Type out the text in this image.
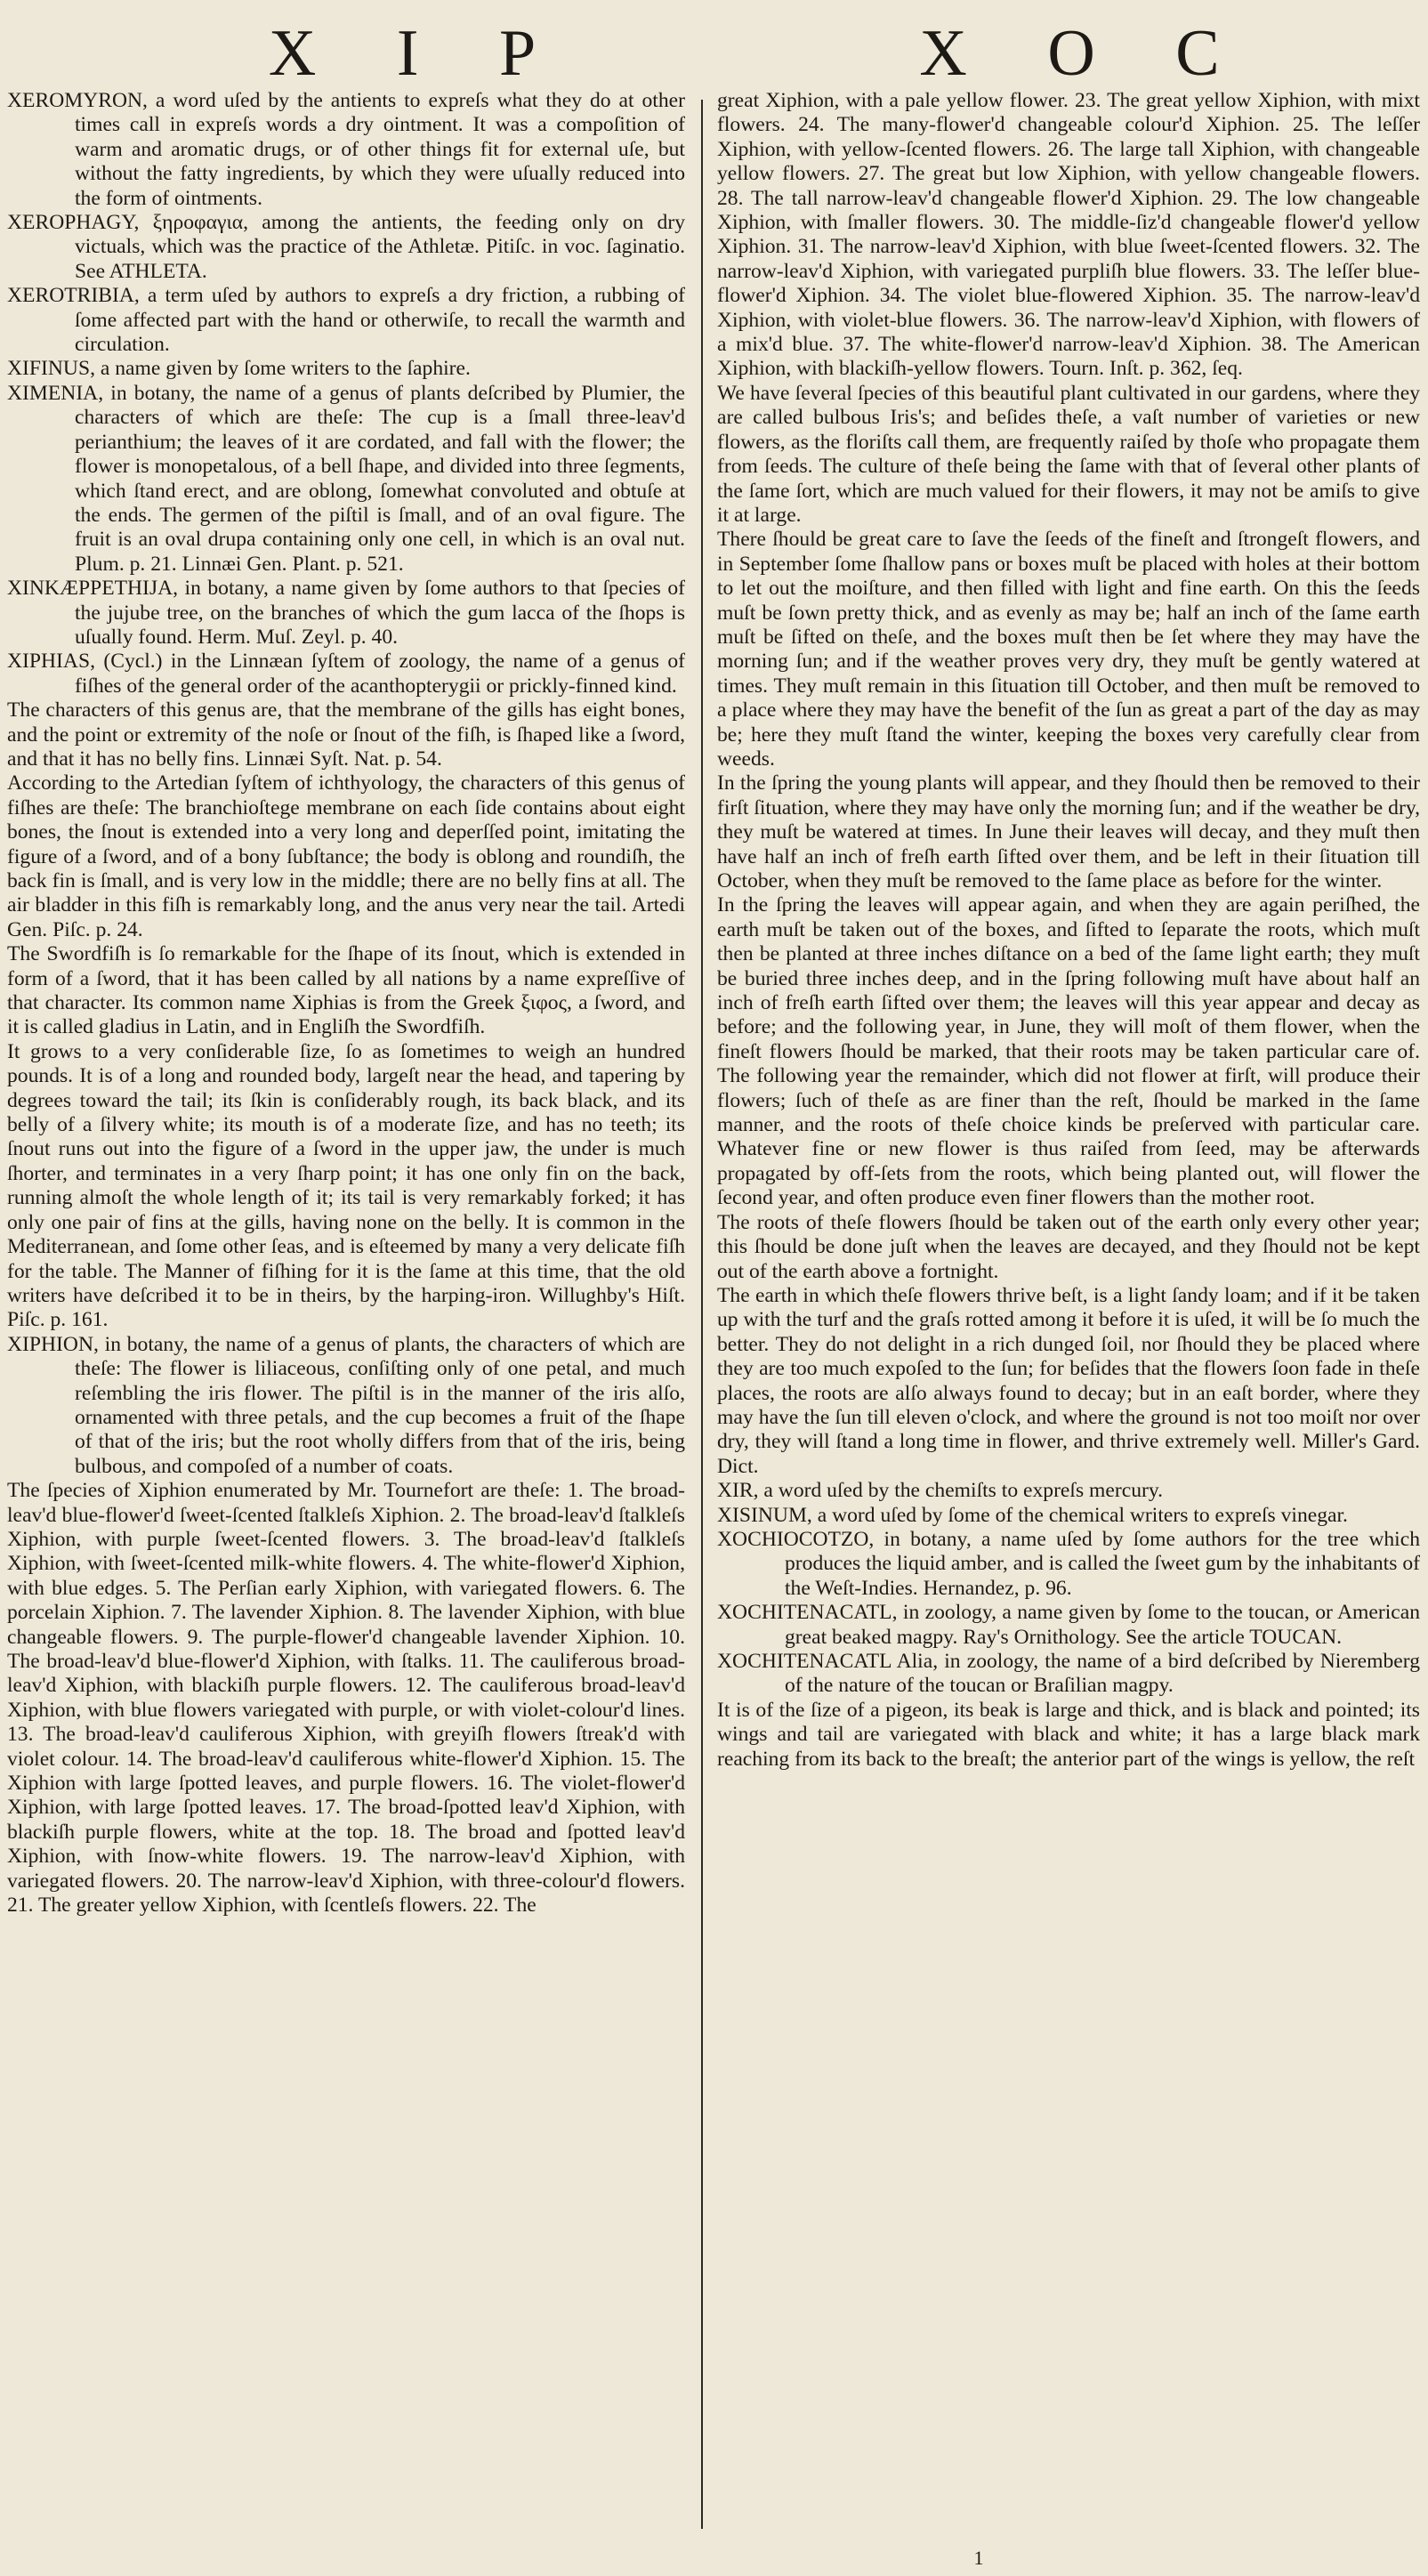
X I P	X O C

XEROMYRON, a word uſed by the antients to expreſs what they do at other times call in expreſs words a dry ointment. It was a compoſition of warm and aromatic drugs, or of other things fit for external uſe, but without the fatty ingredients, by which they were uſually reduced into the form of ointments.

XEROPHAGY, ξηροφαγια, among the antients, the feeding only on dry victuals, which was the practice of the Athletæ. Pitiſc. in voc. ſaginatio. See ATHLETA.

XEROTRIBIA, a term uſed by authors to expreſs a dry friction, a rubbing of ſome affected part with the hand or otherwiſe, to recall the warmth and circulation.

XIFINUS, a name given by ſome writers to the ſaphire.

XIMENIA, in botany, the name of a genus of plants deſcribed by Plumier, the characters of which are theſe: The cup is a ſmall three-leav'd perianthium; the leaves of it are cordated, and fall with the flower; the flower is monopetalous, of a bell ſhape, and divided into three ſegments, which ſtand erect, and are oblong, ſomewhat convoluted and obtuſe at the ends. The germen of the piſtil is ſmall, and of an oval figure. The fruit is an oval drupa containing only one cell, in which is an oval nut. Plum. p. 21. Linnæi Gen. Plant. p. 521.

XINKÆPPETHIJA, in botany, a name given by ſome authors to that ſpecies of the jujube tree, on the branches of which the gum lacca of the ſhops is uſually found. Herm. Muſ. Zeyl. p. 40.

XIPHIAS, (Cycl.) in the Linnæan ſyſtem of zoology, the name of a genus of fiſhes of the general order of the acanthopterygii or prickly-finned kind.

The characters of this genus are, that the membrane of the gills has eight bones, and the point or extremity of the noſe or ſnout of the fiſh, is ſhaped like a ſword, and that it has no belly fins. Linnæi Syſt. Nat. p. 54.

According to the Artedian ſyſtem of ichthyology, the characters of this genus of fiſhes are theſe: The branchioſtege membrane on each ſide contains about eight bones, the ſnout is extended into a very long and deperſſed point, imitating the figure of a ſword, and of a bony ſubſtance; the body is oblong and roundiſh, the back fin is ſmall, and is very low in the middle; there are no belly fins at all. The air bladder in this fiſh is remarkably long, and the anus very near the tail. Artedi Gen. Piſc. p. 24.

The Swordfiſh is ſo remarkable for the ſhape of its ſnout, which is extended in form of a ſword, that it has been called by all nations by a name expreſſive of that character. Its common name Xiphias is from the Greek ξιφος, a ſword, and it is called gladius in Latin, and in Engliſh the Swordfiſh.

It grows to a very conſiderable ſize, ſo as ſometimes to weigh an hundred pounds. It is of a long and rounded body, largeſt near the head, and tapering by degrees toward the tail; its ſkin is conſiderably rough, its back black, and its belly of a ſilvery white; its mouth is of a moderate ſize, and has no teeth; its ſnout runs out into the figure of a ſword in the upper jaw, the under is much ſhorter, and terminates in a very ſharp point; it has one only fin on the back, running almoſt the whole length of it; its tail is very remarkably forked; it has only one pair of fins at the gills, having none on the belly. It is common in the Mediterranean, and ſome other ſeas, and is eſteemed by many a very delicate fiſh for the table. The Manner of fiſhing for it is the ſame at this time, that the old writers have deſcribed it to be in theirs, by the harping-iron. Willughby's Hiſt. Piſc. p. 161.

XIPHION, in botany, the name of a genus of plants, the characters of which are theſe: The flower is liliaceous, conſiſting only of one petal, and much reſembling the iris flower. The piſtil is in the manner of the iris alſo, ornamented with three petals, and the cup becomes a fruit of the ſhape of that of the iris; but the root wholly differs from that of the iris, being bulbous, and compoſed of a number of coats.

The ſpecies of Xiphion enumerated by Mr. Tournefort are theſe: 1. The broad-leav'd blue-flower'd ſweet-ſcented ſtalkleſs Xiphion. 2. The broad-leav'd ſtalkleſs Xiphion, with purple ſweet-ſcented flowers. 3. The broad-leav'd ſtalkleſs Xiphion, with ſweet-ſcented milk-white flowers. 4. The white-flower'd Xiphion, with blue edges. 5. The Perſian early Xiphion, with variegated flowers. 6. The porcelain Xiphion. 7. The lavender Xiphion. 8. The lavender Xiphion, with blue changeable flowers. 9. The purple-flower'd changeable lavender Xiphion. 10. The broad-leav'd blue-flower'd Xiphion, with ſtalks. 11. The cauliferous broad-leav'd Xiphion, with blackiſh purple flowers. 12. The cauliferous broad-leav'd Xiphion, with blue flowers variegated with purple, or with violet-colour'd lines. 13. The broad-leav'd cauliferous Xiphion, with greyiſh flowers ſtreak'd with violet colour. 14. The broad-leav'd cauliferous white-flower'd Xiphion. 15. The Xiphion with large ſpotted leaves, and purple flowers. 16. The violet-flower'd Xiphion, with large ſpotted leaves. 17. The broad-ſpotted leav'd Xiphion, with blackiſh purple flowers, white at the top. 18. The broad and ſpotted leav'd Xiphion, with ſnow-white flowers. 19. The narrow-leav'd Xiphion, with variegated flowers. 20. The narrow-leav'd Xiphion, with three-colour'd flowers. 21. The greater yellow Xiphion, with ſcentleſs flowers. 22. The

great Xiphion, with a pale yellow flower. 23. The great yellow Xiphion, with mixt flowers. 24. The many-flower'd changeable colour'd Xiphion. 25. The leſſer Xiphion, with yellow-ſcented flowers. 26. The large tall Xiphion, with changeable yellow flowers. 27. The great but low Xiphion, with yellow changeable flowers. 28. The tall narrow-leav'd changeable flower'd Xiphion. 29. The low changeable Xiphion, with ſmaller flowers. 30. The middle-ſiz'd changeable flower'd yellow Xiphion. 31. The narrow-leav'd Xiphion, with blue ſweet-ſcented flowers. 32. The narrow-leav'd Xiphion, with variegated purpliſh blue flowers. 33. The leſſer blue-flower'd Xiphion. 34. The violet blue-flowered Xiphion. 35. The narrow-leav'd Xiphion, with violet-blue flowers. 36. The narrow-leav'd Xiphion, with flowers of a mix'd blue. 37. The white-flower'd narrow-leav'd Xiphion. 38. The American Xiphion, with blackiſh-yellow flowers. Tourn. Inſt. p. 362, ſeq.

We have ſeveral ſpecies of this beautiful plant cultivated in our gardens, where they are called bulbous Iris's; and beſides theſe, a vaſt number of varieties or new flowers, as the floriſts call them, are frequently raiſed by thoſe who propagate them from ſeeds. The culture of theſe being the ſame with that of ſeveral other plants of the ſame ſort, which are much valued for their flowers, it may not be amiſs to give it at large.

There ſhould be great care to ſave the ſeeds of the fineſt and ſtrongeſt flowers, and in September ſome ſhallow pans or boxes muſt be placed with holes at their bottom to let out the moiſture, and then filled with light and fine earth. On this the ſeeds muſt be ſown pretty thick, and as evenly as may be; half an inch of the ſame earth muſt be ſifted on theſe, and the boxes muſt then be ſet where they may have the morning ſun; and if the weather proves very dry, they muſt be gently watered at times. They muſt remain in this ſituation till October, and then muſt be removed to a place where they may have the benefit of the ſun as great a part of the day as may be; here they muſt ſtand the winter, keeping the boxes very carefully clear from weeds.

In the ſpring the young plants will appear, and they ſhould then be removed to their firſt ſituation, where they may have only the morning ſun; and if the weather be dry, they muſt be watered at times. In June their leaves will decay, and they muſt then have half an inch of freſh earth ſifted over them, and be left in their ſituation till October, when they muſt be removed to the ſame place as before for the winter.

In the ſpring the leaves will appear again, and when they are again periſhed, the earth muſt be taken out of the boxes, and ſifted to ſeparate the roots, which muſt then be planted at three inches diſtance on a bed of the ſame light earth; they muſt be buried three inches deep, and in the ſpring following muſt have about half an inch of freſh earth ſifted over them; the leaves will this year appear and decay as before; and the following year, in June, they will moſt of them flower, when the fineſt flowers ſhould be marked, that their roots may be taken particular care of. The following year the remainder, which did not flower at firſt, will produce their flowers; ſuch of theſe as are finer than the reſt, ſhould be marked in the ſame manner, and the roots of theſe choice kinds be preſerved with particular care. Whatever fine or new flower is thus raiſed from ſeed, may be afterwards propagated by off-ſets from the roots, which being planted out, will flower the ſecond year, and often produce even finer flowers than the mother root.

The roots of theſe flowers ſhould be taken out of the earth only every other year; this ſhould be done juſt when the leaves are decayed, and they ſhould not be kept out of the earth above a fortnight.

The earth in which theſe flowers thrive beſt, is a light ſandy loam; and if it be taken up with the turf and the graſs rotted among it before it is uſed, it will be ſo much the better. They do not delight in a rich dunged ſoil, nor ſhould they be placed where they are too much expoſed to the ſun; for beſides that the flowers ſoon fade in theſe places, the roots are alſo always found to decay; but in an eaſt border, where they may have the ſun till eleven o'clock, and where the ground is not too moiſt nor over dry, they will ſtand a long time in flower, and thrive extremely well. Miller's Gard. Dict.

XIR, a word uſed by the chemiſts to expreſs mercury.

XISINUM, a word uſed by ſome of the chemical writers to expreſs vinegar.

XOCHIOCOTZO, in botany, a name uſed by ſome authors for the tree which produces the liquid amber, and is called the ſweet gum by the inhabitants of the Weſt-Indies. Hernandez, p. 96.

XOCHITENACATL, in zoology, a name given by ſome to the toucan, or American great beaked magpy. Ray's Ornithology. See the article TOUCAN.

XOCHITENACATL Alia, in zoology, the name of a bird deſcribed by Nieremberg of the nature of the toucan or Braſilian magpy.

It is of the ſize of a pigeon, its beak is large and thick, and is black and pointed; its wings and tail are variegated with black and white; it has a large black mark reaching from its back to the breaſt; the anterior part of the wings is yellow, the reſt

1
